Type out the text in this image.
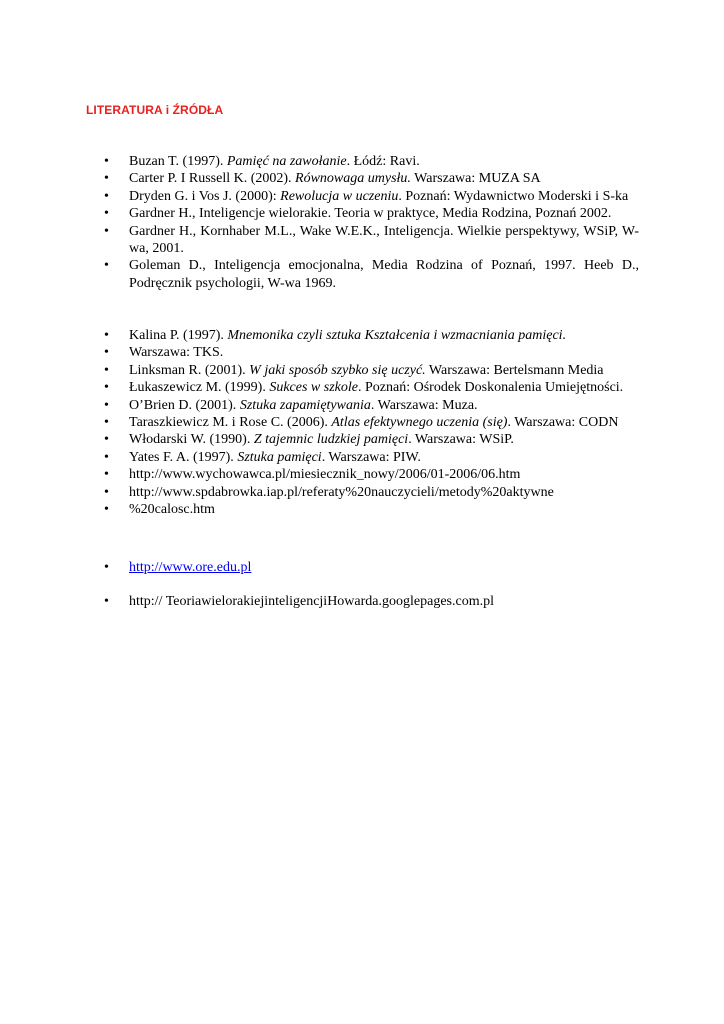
LITERATURA i ŹRÓDŁA
•
Buzan T. (1997). Pamięć na zawołanie. Łódź: Ravi.
•
Carter P. I Russell K. (2002). Równowaga umysłu. Warszawa: MUZA SA
•
Dryden G. i Vos J. (2000): Rewolucja w uczeniu. Poznań: Wydawnictwo Moderski i S-ka
•
Gardner H., Inteligencje wielorakie. Teoria w praktyce, Media Rodzina, Poznań 2002.
•
Gardner H., Kornhaber M.L., Wake W.E.K., Inteligencja. Wielkie perspektywy, WSiP, W-wa, 2001.
•
Goleman D., Inteligencja emocjonalna, Media Rodzina of Poznań, 1997. Heeb D., Podręcznik psychologii, W-wa 1969.
•
Kalina P. (1997). Mnemonika czyli sztuka Kształcenia i wzmacniania pamięci.
•
Warszawa: TKS.
•
Linksman R. (2001). W jaki sposób szybko się uczyć. Warszawa: Bertelsmann Media
•
Łukaszewicz M. (1999). Sukces w szkole. Poznań: Ośrodek Doskonalenia Umiejętności.
•
O’Brien D. (2001). Sztuka zapamiętywania. Warszawa: Muza.
•
Taraszkiewicz M. i Rose C. (2006). Atlas efektywnego uczenia (się). Warszawa: CODN
•
Włodarski W. (1990). Z tajemnic ludzkiej pamięci. Warszawa: WSiP.
•
Yates F. A. (1997). Sztuka pamięci. Warszawa: PIW.
•
http://www.wychowawca.pl/miesiecznik_nowy/2006/01-2006/06.htm
•
http://www.spdabrowka.iap.pl/referaty%20nauczycieli/metody%20aktywne
•
%20calosc.htm
•
http://www.ore.edu.pl
•
http:// TeoriawielorakiejinteligencjiHowarda.googlepages.com.pl
